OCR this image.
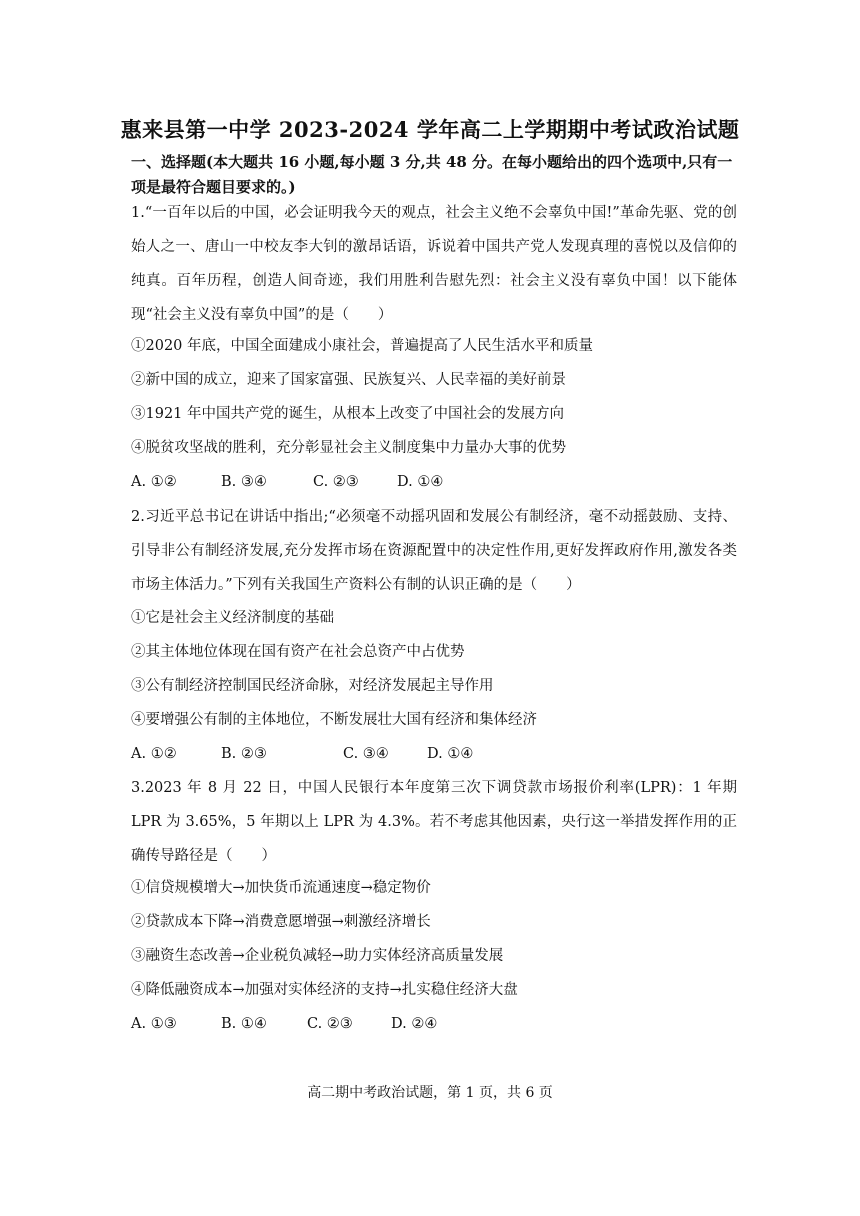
惠来县第一中学 2023-2024 学年高二上学期期中考试政治试题
一、选择题(本大题共 16 小题,每小题 3 分,共 48 分。在每小题给出的四个选项中,只有一项是最符合题目要求的。)
1.“一百年以后的中国，必会证明我今天的观点，社会主义绝不会辜负中国!”革命先驱、党的创始人之一、唐山一中校友李大钊的激昂话语，诉说着中国共产党人发现真理的喜悦以及信仰的纯真。百年历程，创造人间奇迹，我们用胜利告慰先烈：社会主义没有辜负中国！以下能体现“社会主义没有辜负中国”的是（　　）
①2020 年底，中国全面建成小康社会，普遍提高了人民生活水平和质量
②新中国的成立，迎来了国家富强、民族复兴、人民幸福的美好前景
③1921 年中国共产党的诞生，从根本上改变了中国社会的发展方向
④脱贫攻坚战的胜利，充分彰显社会主义制度集中力量办大事的优势
A. ①②	B. ③④	C. ②③	D. ①④
2.习近平总书记在讲话中指出;“必须毫不动摇巩固和发展公有制经济，毫不动摇鼓励、支持、引导非公有制经济发展,充分发挥市场在资源配置中的决定性作用,更好发挥政府作用,激发各类市场主体活力。”下列有关我国生产资料公有制的认识正确的是（　　）
①它是社会主义经济制度的基础
②其主体地位体现在国有资产在社会总资产中占优势
③公有制经济控制国民经济命脉，对经济发展起主导作用
④要增强公有制的主体地位，不断发展壮大国有经济和集体经济
A. ①②	B. ②③	C. ③④	D. ①④
3.2023 年 8 月 22 日，中国人民银行本年度第三次下调贷款市场报价利率(LPR)：1 年期 LPR 为 3.65%，5 年期以上 LPR 为 4.3%。若不考虑其他因素，央行这一举措发挥作用的正确传导路径是（　　）
①信贷规模增大→加快货币流通速度→稳定物价
②贷款成本下降→消费意愿增强→刺激经济增长
③融资生态改善→企业税负减轻→助力实体经济高质量发展
④降低融资成本→加强对实体经济的支持→扎实稳住经济大盘
A. ①③	B. ①④	C. ②③	D. ②④
高二期中考政治试题，第 1 页，共 6 页
